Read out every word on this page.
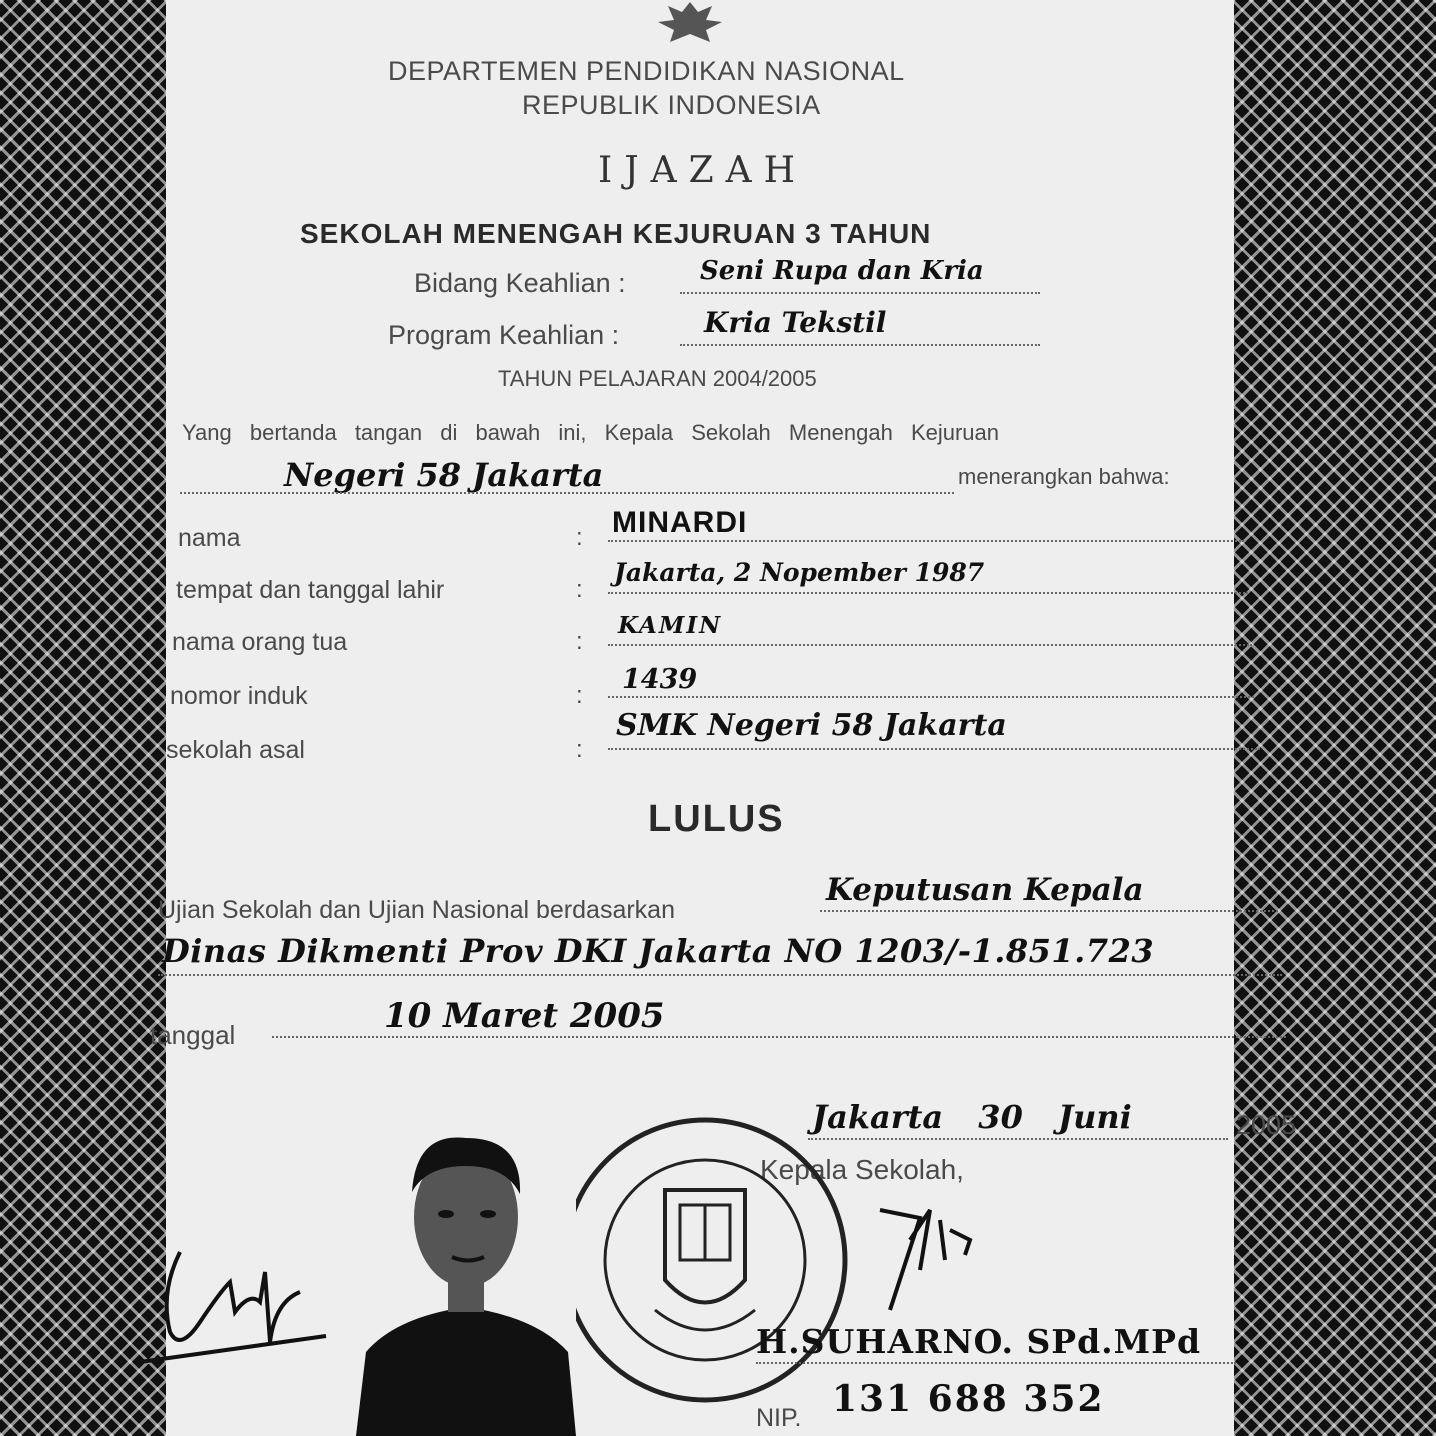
DEPARTEMEN PENDIDIKAN NASIONAL
REPUBLIK INDONESIA
IJAZAH
SEKOLAH MENENGAH KEJURUAN 3 TAHUN
Bidang Keahlian :	Seni Rupa dan Kria
Program Keahlian :	Kria Tekstil
TAHUN PELAJARAN 2004/2005
Yang bertanda tangan di bawah ini, Kepala Sekolah Menengah Kejuruan
Negeri 58 Jakarta	menerangkan bahwa:
nama	: MINARDI
tempat dan tanggal lahir	:
Jakarta, 2 Nopember 1987
nama orang tua	:
KAMIN
nomor induk	:
1439
sekolah asal	:
SMK Negeri 58 Jakarta
LULUS
Ujian Sekolah dan Ujian Nasional berdasarkan
Keputusan Kepala
Dinas Dikmenti Prov DKI Jakarta NO 1203/-1.851.723
tanggal	10 Maret 2005
Jakarta 30 Juni	2005
Kepala Sekolah,
H.SUHARNO. SPd.MPd
NIP. 131 688 352
